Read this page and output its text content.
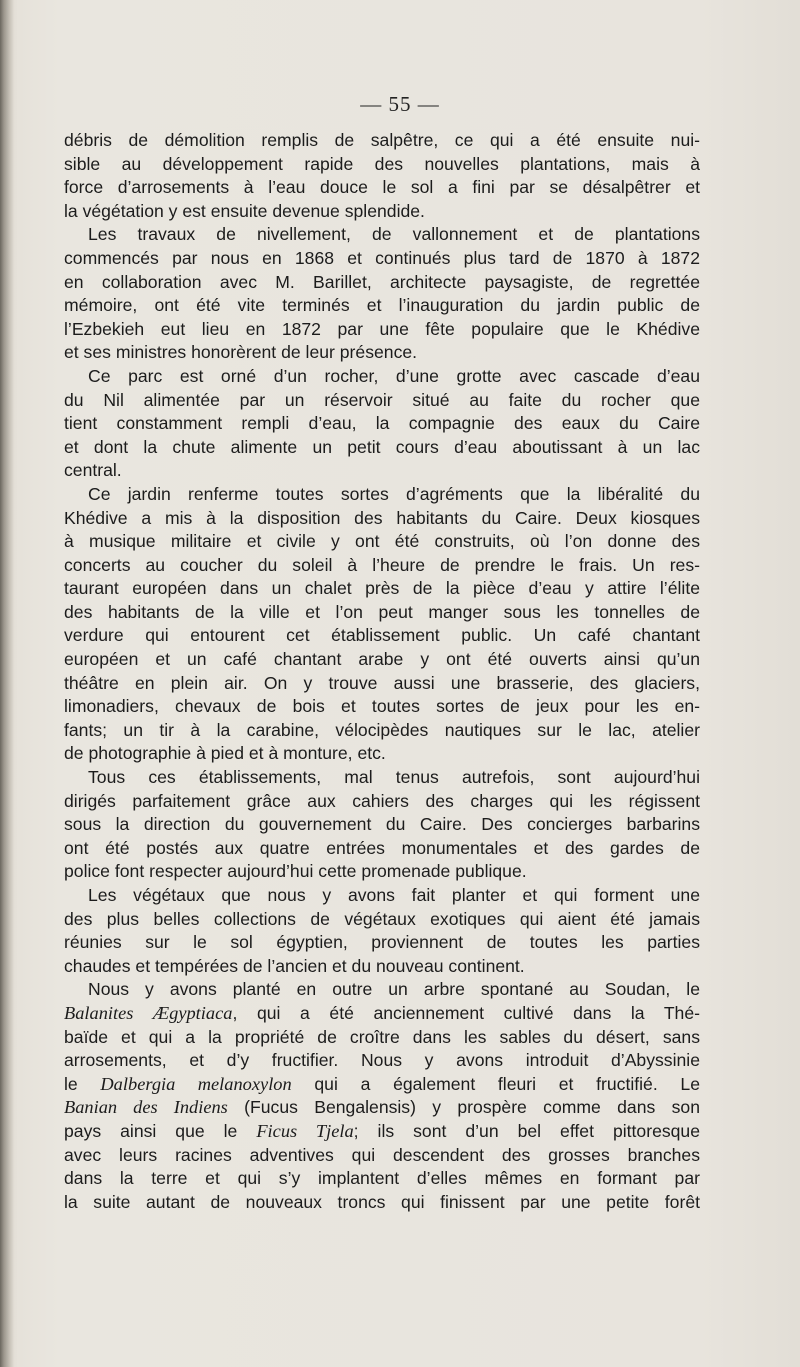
— 55 —
débris de démolition remplis de salpêtre, ce qui a été ensuite nui-
sible au développement rapide des nouvelles plantations, mais à
force d’arrosements à l’eau douce le sol a fini par se désalpêtrer et
la végétation y est ensuite devenue splendide.
Les travaux de nivellement, de vallonnement et de plantations
commencés par nous en 1868 et continués plus tard de 1870 à 1872
en collaboration avec M. Barillet, architecte paysagiste, de regrettée
mémoire, ont été vite terminés et l’inauguration du jardin public de
l’Ezbekieh eut lieu en 1872 par une fête populaire que le Khédive
et ses ministres honorèrent de leur présence.
Ce parc est orné d’un rocher, d’une grotte avec cascade d’eau
du Nil alimentée par un réservoir situé au faite du rocher que
tient constamment rempli d’eau, la compagnie des eaux du Caire
et dont la chute alimente un petit cours d’eau aboutissant à un lac
central.
Ce jardin renferme toutes sortes d’agréments que la libéralité du
Khédive a mis à la disposition des habitants du Caire. Deux kiosques
à musique militaire et civile y ont été construits, où l’on donne des
concerts au coucher du soleil à l’heure de prendre le frais. Un res-
taurant européen dans un chalet près de la pièce d’eau y attire l’élite
des habitants de la ville et l’on peut manger sous les tonnelles de
verdure qui entourent cet établissement public. Un café chantant
européen et un café chantant arabe y ont été ouverts ainsi qu’un
théâtre en plein air. On y trouve aussi une brasserie, des glaciers,
limonadiers, chevaux de bois et toutes sortes de jeux pour les en-
fants; un tir à la carabine, vélocipèdes nautiques sur le lac, atelier
de photographie à pied et à monture, etc.
Tous ces établissements, mal tenus autrefois, sont aujourd’hui
dirigés parfaitement grâce aux cahiers des charges qui les régissent
sous la direction du gouvernement du Caire. Des concierges barbarins
ont été postés aux quatre entrées monumentales et des gardes de
police font respecter aujourd’hui cette promenade publique.
Les végétaux que nous y avons fait planter et qui forment une
des plus belles collections de végétaux exotiques qui aient été jamais
réunies sur le sol égyptien, proviennent de toutes les parties
chaudes et tempérées de l’ancien et du nouveau continent.
Nous y avons planté en outre un arbre spontané au Soudan, le
Balanites Ægyptiaca, qui a été anciennement cultivé dans la Thé-
baïde et qui a la propriété de croître dans les sables du désert, sans
arrosements, et d’y fructifier. Nous y avons introduit d’Abyssinie
le Dalbergia melanoxylon qui a également fleuri et fructifié. Le
Banian des Indiens (Fucus Bengalensis) y prospère comme dans son
pays ainsi que le Ficus Tjela; ils sont d’un bel effet pittoresque
avec leurs racines adventives qui descendent des grosses branches
dans la terre et qui s’y implantent d’elles mêmes en formant par
la suite autant de nouveaux troncs qui finissent par une petite forêt
